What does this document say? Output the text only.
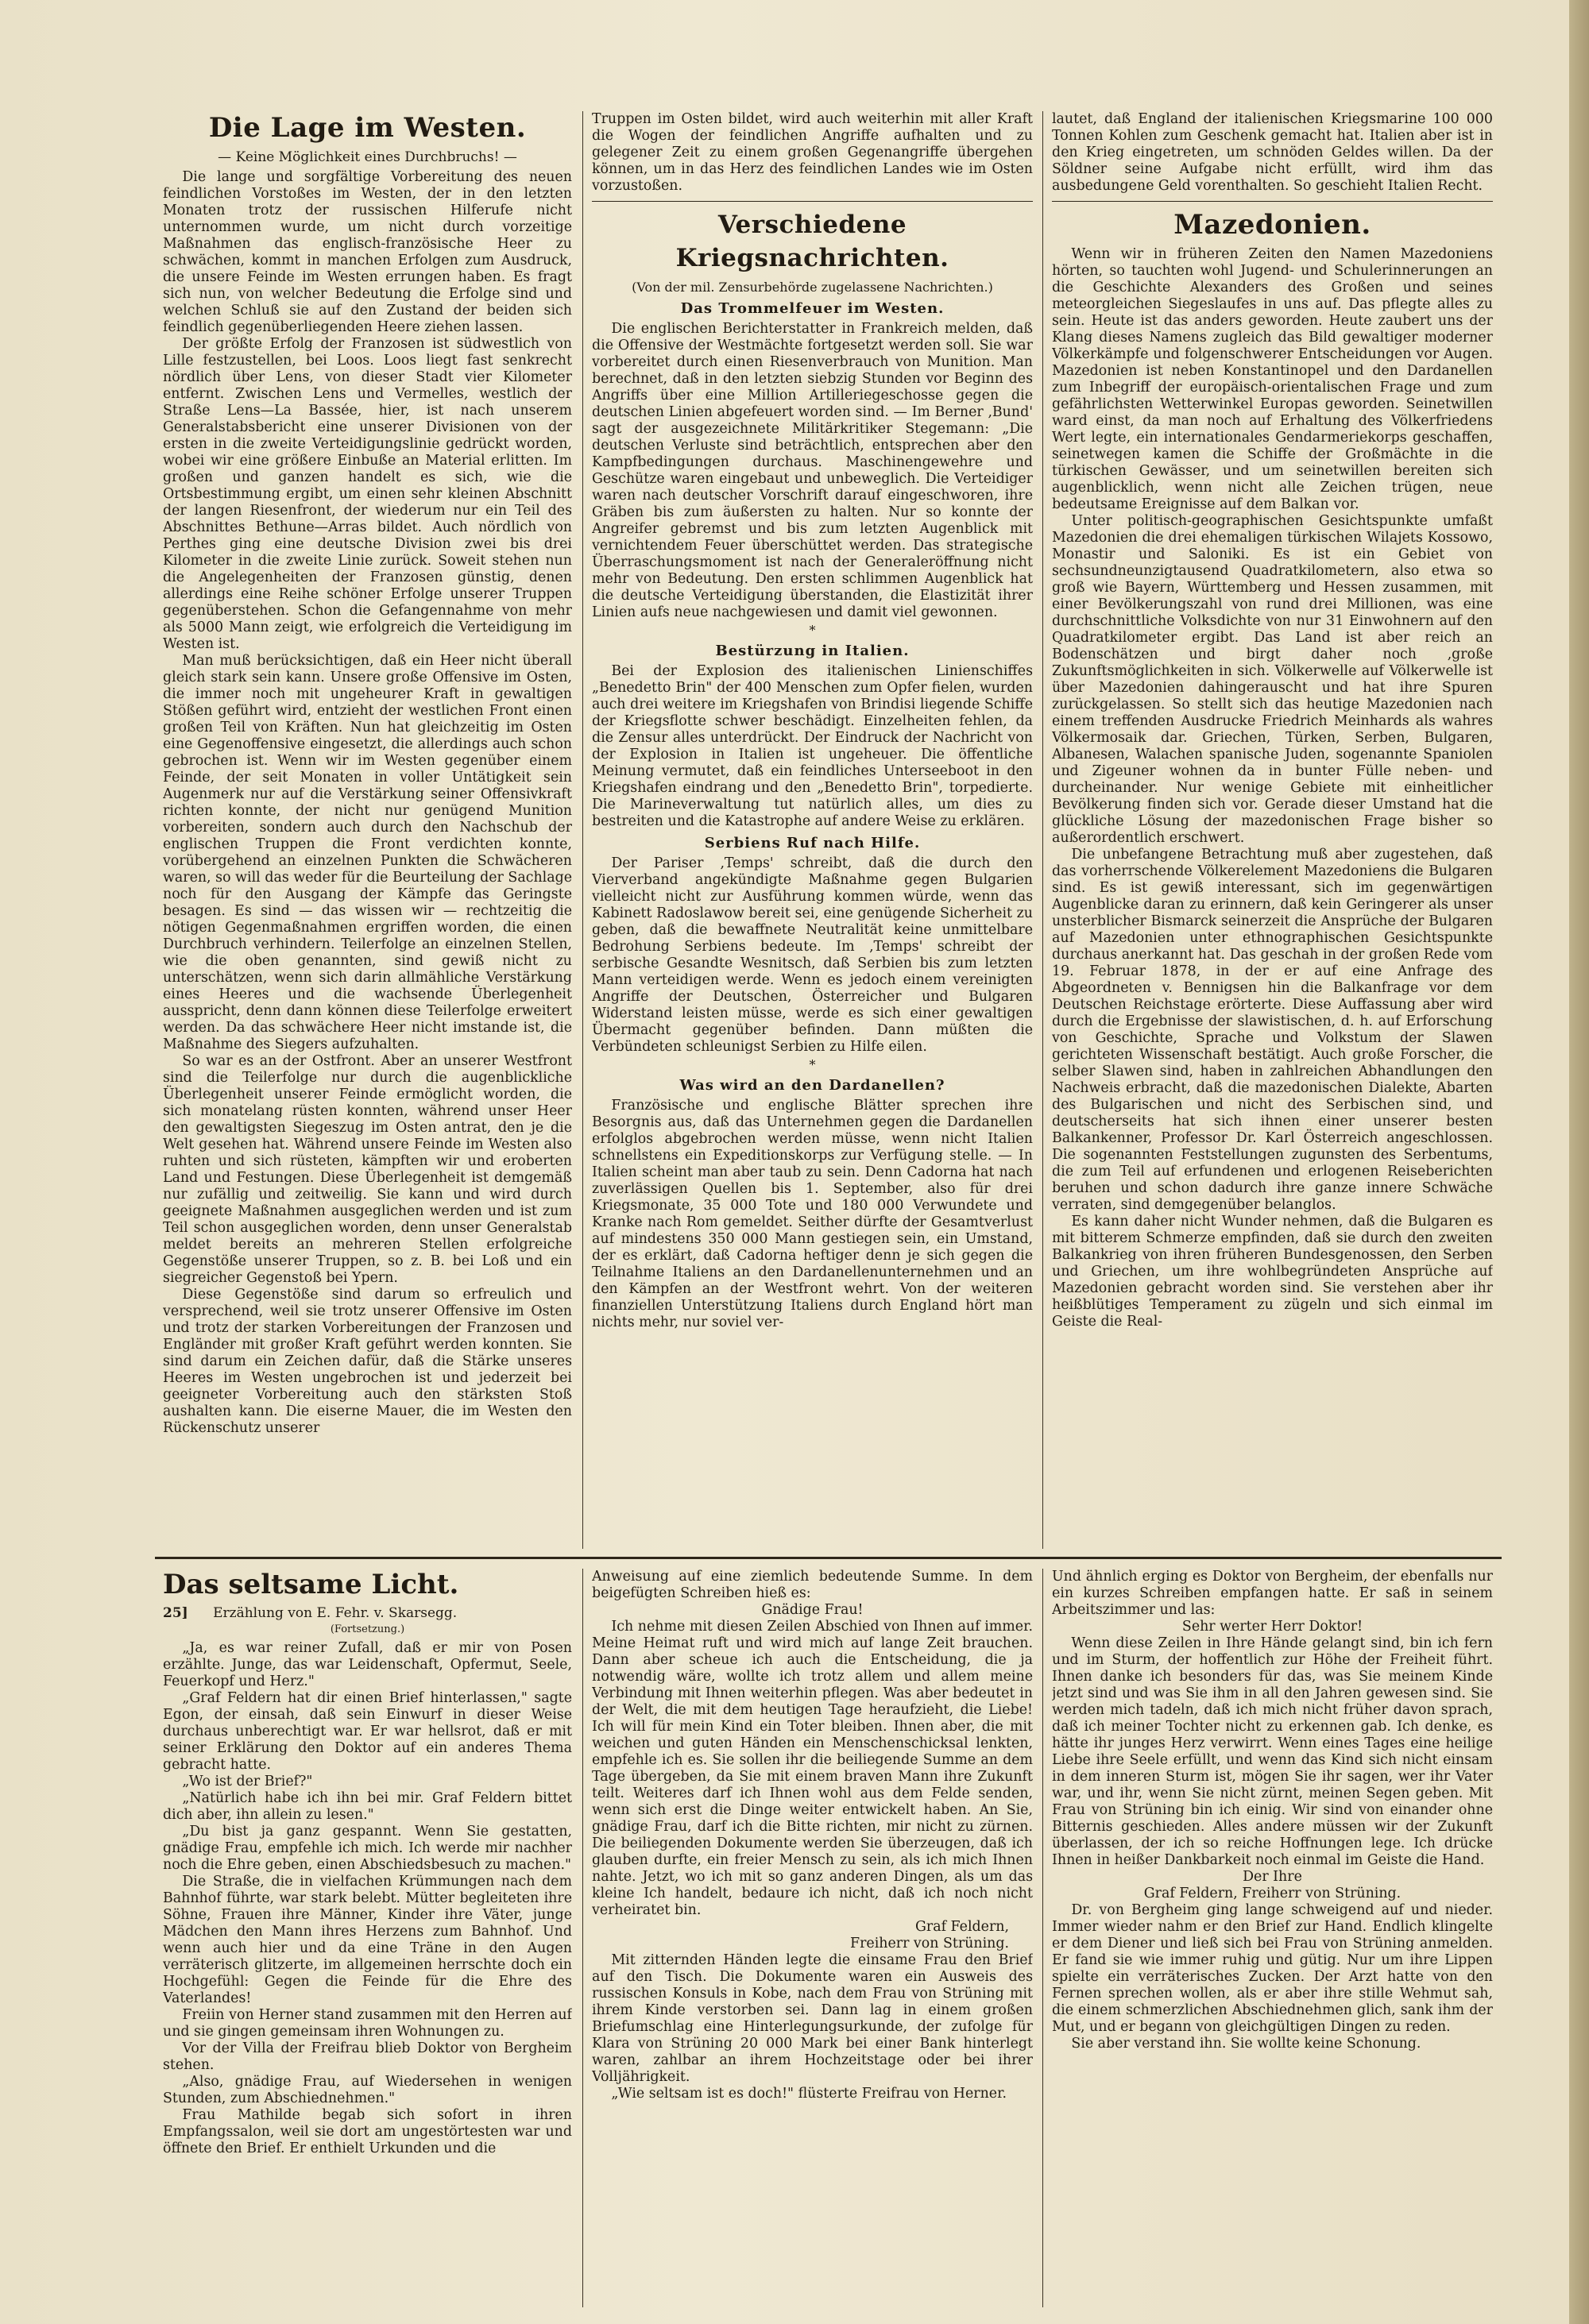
Die Lage im Westen.
— Keine Möglichkeit eines Durchbruchs! —

Die lange und sorgfältige Vorbereitung des neuen feindlichen Vorstoßes im Westen, der in den letzten Monaten trotz der russischen Hilferufe nicht unternommen wurde, um nicht durch vorzeitige Maßnahmen das englisch-französische Heer zu schwächen, kommt in manchen Erfolgen zum Ausdruck, die unsere Feinde im Westen errungen haben. Es fragt sich nun, von welcher Bedeutung die Erfolge sind und welchen Schluß sie auf den Zustand der beiden sich feindlich gegenüberliegenden Heere ziehen lassen.

Der größte Erfolg der Franzosen ist südwestlich von Lille festzustellen, bei Loos. Loos liegt fast senkrecht nördlich über Lens, von dieser Stadt vier Kilometer entfernt. Zwischen Lens und Vermelles, westlich der Straße Lens—La Bassée, hier, ist nach unserem Generalstabsbericht eine unserer Divisionen von der ersten in die zweite Verteidigungslinie gedrückt worden, wobei wir eine größere Einbuße an Material erlitten. Im großen und ganzen handelt es sich, wie die Ortsbestimmung ergibt, um einen sehr kleinen Abschnitt der langen Riesenfront, der wiederum nur ein Teil des Abschnittes Bethune—Arras bildet. Auch nördlich von Perthes ging eine deutsche Division zwei bis drei Kilometer in die zweite Linie zurück. Soweit stehen nun die Angelegenheiten der Franzosen günstig, denen allerdings eine Reihe schöner Erfolge unserer Truppen gegenüberstehen. Schon die Gefangennahme von mehr als 5000 Mann zeigt, wie erfolgreich die Verteidigung im Westen ist.

Man muß berücksichtigen, daß ein Heer nicht überall gleich stark sein kann. Unsere große Offensive im Osten, die immer noch mit ungeheurer Kraft in gewaltigen Stößen geführt wird, entzieht der westlichen Front einen großen Teil von Kräften. Nun hat gleichzeitig im Osten eine Gegenoffensive eingesetzt, die allerdings auch schon gebrochen ist. Wenn wir im Westen gegenüber einem Feinde, der seit Monaten in voller Untätigkeit sein Augenmerk nur auf die Verstärkung seiner Offensivkraft richten konnte, der nicht nur genügend Munition vorbereiten, sondern auch durch den Nachschub der englischen Truppen die Front verdichten konnte, vorübergehend an einzelnen Punkten die Schwächeren waren, so will das weder für die Beurteilung der Sachlage noch für den Ausgang der Kämpfe das Geringste besagen. Es sind — das wissen wir — rechtzeitig die nötigen Gegenmaßnahmen ergriffen worden, die einen Durchbruch verhindern. Teilerfolge an einzelnen Stellen, wie die oben genannten, sind gewiß nicht zu unterschätzen, wenn sich darin allmähliche Verstärkung eines Heeres und die wachsende Überlegenheit ausspricht, denn dann können diese Teilerfolge erweitert werden. Da das schwächere Heer nicht imstande ist, die Maßnahme des Siegers aufzuhalten.

So war es an der Ostfront. Aber an unserer Westfront sind die Teilerfolge nur durch die augenblickliche Überlegenheit unserer Feinde ermöglicht worden, die sich monatelang rüsten konnten, während unser Heer den gewaltigsten Siegeszug im Osten antrat, den je die Welt gesehen hat. Während unsere Feinde im Westen also ruhten und sich rüsteten, kämpften wir und eroberten Land und Festungen. Diese Überlegenheit ist demgemäß nur zufällig und zeitweilig. Sie kann und wird durch geeignete Maßnahmen ausgeglichen werden und ist zum Teil schon ausgeglichen worden, denn unser Generalstab meldet bereits an mehreren Stellen erfolgreiche Gegenstöße unserer Truppen, so z. B. bei Loß und ein siegreicher Gegenstoß bei Ypern.

Diese Gegenstöße sind darum so erfreulich und versprechend, weil sie trotz unserer Offensive im Osten und trotz der starken Vorbereitungen der Franzosen und Engländer mit großer Kraft geführt werden konnten. Sie sind darum ein Zeichen dafür, daß die Stärke unseres Heeres im Westen ungebrochen ist und jederzeit bei geeigneter Vorbereitung auch den stärksten Stoß aushalten kann. Die eiserne Mauer, die im Westen den Rückenschutz unserer

Truppen im Osten bildet, wird auch weiterhin mit aller Kraft die Wogen der feindlichen Angriffe aufhalten und zu gelegener Zeit zu einem großen Gegenangriffe übergehen können, um in das Herz des feindlichen Landes wie im Osten vorzustoßen.

Verschiedene Kriegsnachrichten.
(Von der mil. Zensurbehörde zugelassene Nachrichten.)
Das Trommelfeuer im Westen.

Die englischen Berichterstatter in Frankreich melden, daß die Offensive der Westmächte fortgesetzt werden soll. Sie war vorbereitet durch einen Riesenverbrauch von Munition. Man berechnet, daß in den letzten siebzig Stunden vor Beginn des Angriffs über eine Million Artilleriegeschosse gegen die deutschen Linien abgefeuert worden sind. — Im Berner ‚Bund' sagt der ausgezeichnete Militärkritiker Stegemann: „Die deutschen Verluste sind beträchtlich, entsprechen aber den Kampfbedingungen durchaus. Maschinengewehre und Geschütze waren eingebaut und unbeweglich. Die Verteidiger waren nach deutscher Vorschrift darauf eingeschworen, ihre Gräben bis zum äußersten zu halten. Nur so konnte der Angreifer gebremst und bis zum letzten Augenblick mit vernichtendem Feuer überschüttet werden. Das strategische Überraschungsmoment ist nach der Generaleröffnung nicht mehr von Bedeutung. Den ersten schlimmen Augenblick hat die deutsche Verteidigung überstanden, die Elastizität ihrer Linien aufs neue nachgewiesen und damit viel gewonnen.

*
Bestürzung in Italien.

Bei der Explosion des italienischen Linienschiffes „Benedetto Brin" der 400 Menschen zum Opfer fielen, wurden auch drei weitere im Kriegshafen von Brindisi liegende Schiffe der Kriegsflotte schwer beschädigt. Einzelheiten fehlen, da die Zensur alles unterdrückt. Der Eindruck der Nachricht von der Explosion in Italien ist ungeheuer. Die öffentliche Meinung vermutet, daß ein feindliches Unterseeboot in den Kriegshafen eindrang und den „Benedetto Brin", torpedierte. Die Marineverwaltung tut natürlich alles, um dies zu bestreiten und die Katastrophe auf andere Weise zu erklären.

Serbiens Ruf nach Hilfe.

Der Pariser ‚Temps' schreibt, daß die durch den Vierverband angekündigte Maßnahme gegen Bulgarien vielleicht nicht zur Ausführung kommen würde, wenn das Kabinett Radoslawow bereit sei, eine genügende Sicherheit zu geben, daß die bewaffnete Neutralität keine unmittelbare Bedrohung Serbiens bedeute. Im ‚Temps' schreibt der serbische Gesandte Wesnitsch, daß Serbien bis zum letzten Mann verteidigen werde. Wenn es jedoch einem vereinigten Angriffe der Deutschen, Österreicher und Bulgaren Widerstand leisten müsse, werde es sich einer gewaltigen Übermacht gegenüber befinden. Dann müßten die Verbündeten schleunigst Serbien zu Hilfe eilen.

*
Was wird an den Dardanellen?

Französische und englische Blätter sprechen ihre Besorgnis aus, daß das Unternehmen gegen die Dardanellen erfolglos abgebrochen werden müsse, wenn nicht Italien schnellstens ein Expeditionskorps zur Verfügung stelle. — In Italien scheint man aber taub zu sein. Denn Cadorna hat nach zuverlässigen Quellen bis 1. September, also für drei Kriegsmonate, 35 000 Tote und 180 000 Verwundete und Kranke nach Rom gemeldet. Seither dürfte der Gesamtverlust auf mindestens 350 000 Mann gestiegen sein, ein Umstand, der es erklärt, daß Cadorna heftiger denn je sich gegen die Teilnahme Italiens an den Dardanellenunternehmen und an den Kämpfen an der Westfront wehrt. Von der weiteren finanziellen Unterstützung Italiens durch England hört man nichts mehr, nur soviel ver-

lautet, daß England der italienischen Kriegsmarine 100 000 Tonnen Kohlen zum Geschenk gemacht hat. Italien aber ist in den Krieg eingetreten, um schnöden Geldes willen. Da der Söldner seine Aufgabe nicht erfüllt, wird ihm das ausbedungene Geld vorenthalten. So geschieht Italien Recht.

Mazedonien.

Wenn wir in früheren Zeiten den Namen Mazedoniens hörten, so tauchten wohl Jugend- und Schulerinnerungen an die Geschichte Alexanders des Großen und seines meteorgleichen Siegeslaufes in uns auf. Das pflegte alles zu sein. Heute ist das anders geworden. Heute zaubert uns der Klang dieses Namens zugleich das Bild gewaltiger moderner Völkerkämpfe und folgenschwerer Entscheidungen vor Augen. Mazedonien ist neben Konstantinopel und den Dardanellen zum Inbegriff der europäisch-orientalischen Frage und zum gefährlichsten Wetterwinkel Europas geworden. Seinetwillen ward einst, da man noch auf Erhaltung des Völkerfriedens Wert legte, ein internationales Gendarmeriekorps geschaffen, seinetwegen kamen die Schiffe der Großmächte in die türkischen Gewässer, und um seinetwillen bereiten sich augenblicklich, wenn nicht alle Zeichen trügen, neue bedeutsame Ereignisse auf dem Balkan vor.

Unter politisch-geographischen Gesichtspunkte umfaßt Mazedonien die drei ehemaligen türkischen Wilajets Kossowo, Monastir und Saloniki. Es ist ein Gebiet von sechsundneunzigtausend Quadratkilometern, also etwa so groß wie Bayern, Württemberg und Hessen zusammen, mit einer Bevölkerungszahl von rund drei Millionen, was eine durchschnittliche Volksdichte von nur 31 Einwohnern auf den Quadratkilometer ergibt. Das Land ist aber reich an Bodenschätzen und birgt daher noch ‚große Zukunftsmöglichkeiten in sich. Völkerwelle auf Völkerwelle ist über Mazedonien dahingerauscht und hat ihre Spuren zurückgelassen. So stellt sich das heutige Mazedonien nach einem treffenden Ausdrucke Friedrich Meinhards als wahres Völkermosaik dar. Griechen, Türken, Serben, Bulgaren, Albanesen, Walachen spanische Juden, sogenannte Spaniolen und Zigeuner wohnen da in bunter Fülle neben- und durcheinander. Nur wenige Gebiete mit einheitlicher Bevölkerung finden sich vor. Gerade dieser Umstand hat die glückliche Lösung der mazedonischen Frage bisher so außerordentlich erschwert.

Die unbefangene Betrachtung muß aber zugestehen, daß das vorherrschende Völkerelement Mazedoniens die Bulgaren sind. Es ist gewiß interessant, sich im gegenwärtigen Augenblicke daran zu erinnern, daß kein Geringerer als unser unsterblicher Bismarck seinerzeit die Ansprüche der Bulgaren auf Mazedonien unter ethnographischen Gesichtspunkte durchaus anerkannt hat. Das geschah in der großen Rede vom 19. Februar 1878, in der er auf eine Anfrage des Abgeordneten v. Bennigsen hin die Balkanfrage vor dem Deutschen Reichstage erörterte. Diese Auffassung aber wird durch die Ergebnisse der slawistischen, d. h. auf Erforschung von Geschichte, Sprache und Volkstum der Slawen gerichteten Wissenschaft bestätigt. Auch große Forscher, die selber Slawen sind, haben in zahlreichen Abhandlungen den Nachweis erbracht, daß die mazedonischen Dialekte, Abarten des Bulgarischen und nicht des Serbischen sind, und deutscherseits hat sich ihnen einer unserer besten Balkankenner, Professor Dr. Karl Österreich angeschlossen. Die sogenannten Feststellungen zugunsten des Serbentums, die zum Teil auf erfundenen und erlogenen Reiseberichten beruhen und schon dadurch ihre ganze innere Schwäche verraten, sind demgegenüber belanglos.

Es kann daher nicht Wunder nehmen, daß die Bulgaren es mit bitterem Schmerze empfinden, daß sie durch den zweiten Balkankrieg von ihren früheren Bundesgenossen, den Serben und Griechen, um ihre wohlbegründeten Ansprüche auf Mazedonien gebracht worden sind. Sie verstehen aber ihr heißblütiges Temperament zu zügeln und sich einmal im Geiste die Real-

Das seltsame Licht.
25] Erzählung von E. Fehr. v. Skarsegg.
(Fortsetzung.)

„Ja, es war reiner Zufall, daß er mir von Posen erzählte. Junge, das war Leidenschaft, Opfermut, Seele, Feuerkopf und Herz."

„Graf Feldern hat dir einen Brief hinterlassen," sagte Egon, der einsah, daß sein Einwurf in dieser Weise durchaus unberechtigt war. Er war hellsrot, daß er mit seiner Erklärung den Doktor auf ein anderes Thema gebracht hatte.

„Wo ist der Brief?"

„Natürlich habe ich ihn bei mir. Graf Feldern bittet dich aber, ihn allein zu lesen."

„Du bist ja ganz gespannt. Wenn Sie gestatten, gnädige Frau, empfehle ich mich. Ich werde mir nachher noch die Ehre geben, einen Abschiedsbesuch zu machen."

Die Straße, die in vielfachen Krümmungen nach dem Bahnhof führte, war stark belebt. Mütter begleiteten ihre Söhne, Frauen ihre Männer, Kinder ihre Väter, junge Mädchen den Mann ihres Herzens zum Bahnhof. Und wenn auch hier und da eine Träne in den Augen verräterisch glitzerte, im allgemeinen herrschte doch ein Hochgefühl: Gegen die Feinde für die Ehre des Vaterlandes!

Freiin von Herner stand zusammen mit den Herren auf und sie gingen gemeinsam ihren Wohnungen zu.

Vor der Villa der Freifrau blieb Doktor von Bergheim stehen.

„Also, gnädige Frau, auf Wiedersehen in wenigen Stunden, zum Abschiednehmen."

Frau Mathilde begab sich sofort in ihren Empfangssalon, weil sie dort am ungestörtesten war und öffnete den Brief. Er enthielt Urkunden und die

Anweisung auf eine ziemlich bedeutende Summe. In dem beigefügten Schreiben hieß es:

Gnädige Frau!

Ich nehme mit diesen Zeilen Abschied von Ihnen auf immer. Meine Heimat ruft und wird mich auf lange Zeit brauchen. Dann aber scheue ich auch die Entscheidung, die ja notwendig wäre, wollte ich trotz allem und allem meine Verbindung mit Ihnen weiterhin pflegen. Was aber bedeutet in der Welt, die mit dem heutigen Tage heraufzieht, die Liebe! Ich will für mein Kind ein Toter bleiben. Ihnen aber, die mit weichen und guten Händen ein Menschenschicksal lenkten, empfehle ich es. Sie sollen ihr die beiliegende Summe an dem Tage übergeben, da Sie mit einem braven Mann ihre Zukunft teilt. Weiteres darf ich Ihnen wohl aus dem Felde senden, wenn sich erst die Dinge weiter entwickelt haben. An Sie, gnädige Frau, darf ich die Bitte richten, mir nicht zu zürnen. Die beiliegenden Dokumente werden Sie überzeugen, daß ich glauben durfte, ein freier Mensch zu sein, als ich mich Ihnen nahte. Jetzt, wo ich mit so ganz anderen Dingen, als um das kleine Ich handelt, bedaure ich nicht, daß ich noch nicht verheiratet bin.

Graf Feldern,

Freiherr von Strüning.

Mit zitternden Händen legte die einsame Frau den Brief auf den Tisch. Die Dokumente waren ein Ausweis des russischen Konsuls in Kobe, nach dem Frau von Strüning mit ihrem Kinde verstorben sei. Dann lag in einem großen Briefumschlag eine Hinterlegungsurkunde, der zufolge für Klara von Strüning 20 000 Mark bei einer Bank hinterlegt waren, zahlbar an ihrem Hochzeitstage oder bei ihrer Volljährigkeit.

„Wie seltsam ist es doch!" flüsterte Freifrau von Herner.

Und ähnlich erging es Doktor von Bergheim, der ebenfalls nur ein kurzes Schreiben empfangen hatte. Er saß in seinem Arbeitszimmer und las:

Sehr werter Herr Doktor!

Wenn diese Zeilen in Ihre Hände gelangt sind, bin ich fern und im Sturm, der hoffentlich zur Höhe der Freiheit führt. Ihnen danke ich besonders für das, was Sie meinem Kinde jetzt sind und was Sie ihm in all den Jahren gewesen sind. Sie werden mich tadeln, daß ich mich nicht früher davon sprach, daß ich meiner Tochter nicht zu erkennen gab. Ich denke, es hätte ihr junges Herz verwirrt. Wenn eines Tages eine heilige Liebe ihre Seele erfüllt, und wenn das Kind sich nicht einsam in dem inneren Sturm ist, mögen Sie ihr sagen, wer ihr Vater war, und ihr, wenn Sie nicht zürnt, meinen Segen geben. Mit Frau von Strüning bin ich einig. Wir sind von einander ohne Bitternis geschieden. Alles andere müssen wir der Zukunft überlassen, der ich so reiche Hoffnungen lege. Ich drücke Ihnen in heißer Dankbarkeit noch einmal im Geiste die Hand.

Der Ihre

Graf Feldern, Freiherr von Strüning.

Dr. von Bergheim ging lange schweigend auf und nieder. Immer wieder nahm er den Brief zur Hand. Endlich klingelte er dem Diener und ließ sich bei Frau von Strüning anmelden. Er fand sie wie immer ruhig und gütig. Nur um ihre Lippen spielte ein verräterisches Zucken. Der Arzt hatte von den Fernen sprechen wollen, als er aber ihre stille Wehmut sah, die einem schmerzlichen Abschiednehmen glich, sank ihm der Mut, und er begann von gleichgültigen Dingen zu reden.

Sie aber verstand ihn. Sie wollte keine Schonung.
